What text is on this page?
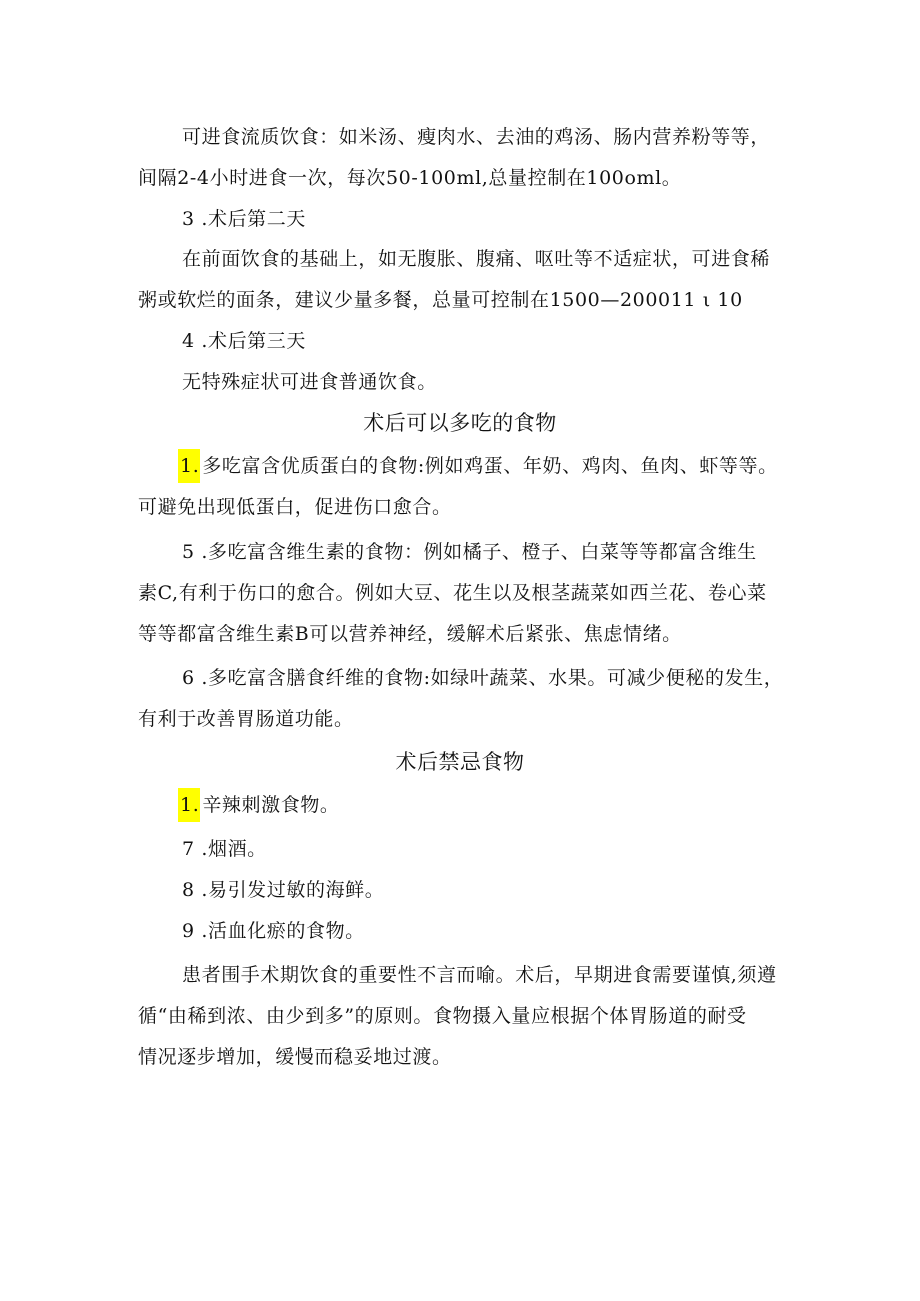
可进食流质饮食：如米汤、瘦肉水、去油的鸡汤、肠内营养粉等等，
间隔2-4小时进食一次，每次50-100ml,总量控制在100oml。
3 .术后第二天
在前面饮食的基础上，如无腹胀、腹痛、呕吐等不适症状，可进食稀
粥或软烂的面条，建议少量多餐，总量可控制在1500—200011 ι 10
4 .术后第三天
无特殊症状可进食普通饮食。
术后可以多吃的食物
1. 多吃富含优质蛋白的食物:例如鸡蛋、年奶、鸡肉、鱼肉、虾等等。
可避免出现低蛋白，促进伤口愈合。
5 .多吃富含维生素的食物：例如橘子、橙子、白菜等等都富含维生
素C,有利于伤口的愈合。例如大豆、花生以及根茎蔬菜如西兰花、卷心菜
等等都富含维生素B可以营养神经，缓解术后紧张、焦虑情绪。
6 .多吃富含膳食纤维的食物:如绿叶蔬菜、水果。可减少便秘的发生，
有利于改善胃肠道功能。
术后禁忌食物
1. 辛辣刺激食物。
7 .烟酒。
8 .易引发过敏的海鲜。
9 .活血化瘀的食物。
患者围手术期饮食的重要性不言而喻。术后，早期进食需要谨慎,须遵
循“由稀到浓、由少到多”的原则。食物摄入量应根据个体胃肠道的耐受
情况逐步增加，缓慢而稳妥地过渡。
